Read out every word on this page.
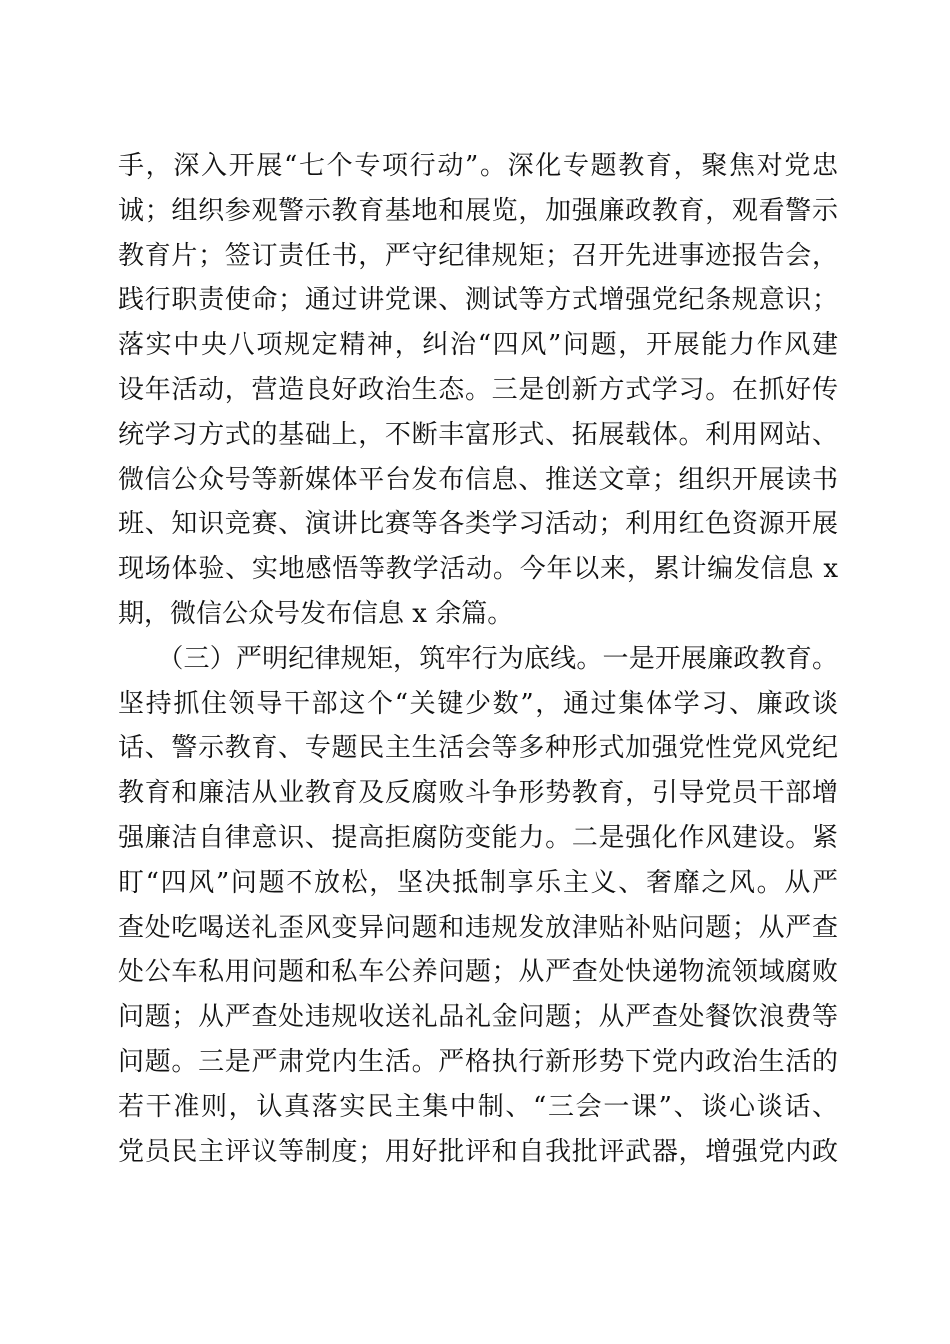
手，深入开展“七个专项行动”。深化专题教育，聚焦对党忠
诚；组织参观警示教育基地和展览，加强廉政教育，观看警示
教育片；签订责任书，严守纪律规矩；召开先进事迹报告会，
践行职责使命；通过讲党课、测试等方式增强党纪条规意识；
落实中央八项规定精神，纠治“四风”问题，开展能力作风建
设年活动，营造良好政治生态。三是创新方式学习。在抓好传
统学习方式的基础上，不断丰富形式、拓展载体。利用网站、
微信公众号等新媒体平台发布信息、推送文章；组织开展读书
班、知识竞赛、演讲比赛等各类学习活动；利用红色资源开展
现场体验、实地感悟等教学活动。今年以来，累计编发信息 x
期，微信公众号发布信息 x 余篇。
　　（三）严明纪律规矩，筑牢行为底线。一是开展廉政教育。
坚持抓住领导干部这个“关键少数”，通过集体学习、廉政谈
话、警示教育、专题民主生活会等多种形式加强党性党风党纪
教育和廉洁从业教育及反腐败斗争形势教育，引导党员干部增
强廉洁自律意识、提高拒腐防变能力。二是强化作风建设。紧
盯“四风”问题不放松，坚决抵制享乐主义、奢靡之风。从严
查处吃喝送礼歪风变异问题和违规发放津贴补贴问题；从严查
处公车私用问题和私车公养问题；从严查处快递物流领域腐败
问题；从严查处违规收送礼品礼金问题；从严查处餐饮浪费等
问题。三是严肃党内生活。严格执行新形势下党内政治生活的
若干准则，认真落实民主集中制、“三会一课”、谈心谈话、
党员民主评议等制度；用好批评和自我批评武器，增强党内政
